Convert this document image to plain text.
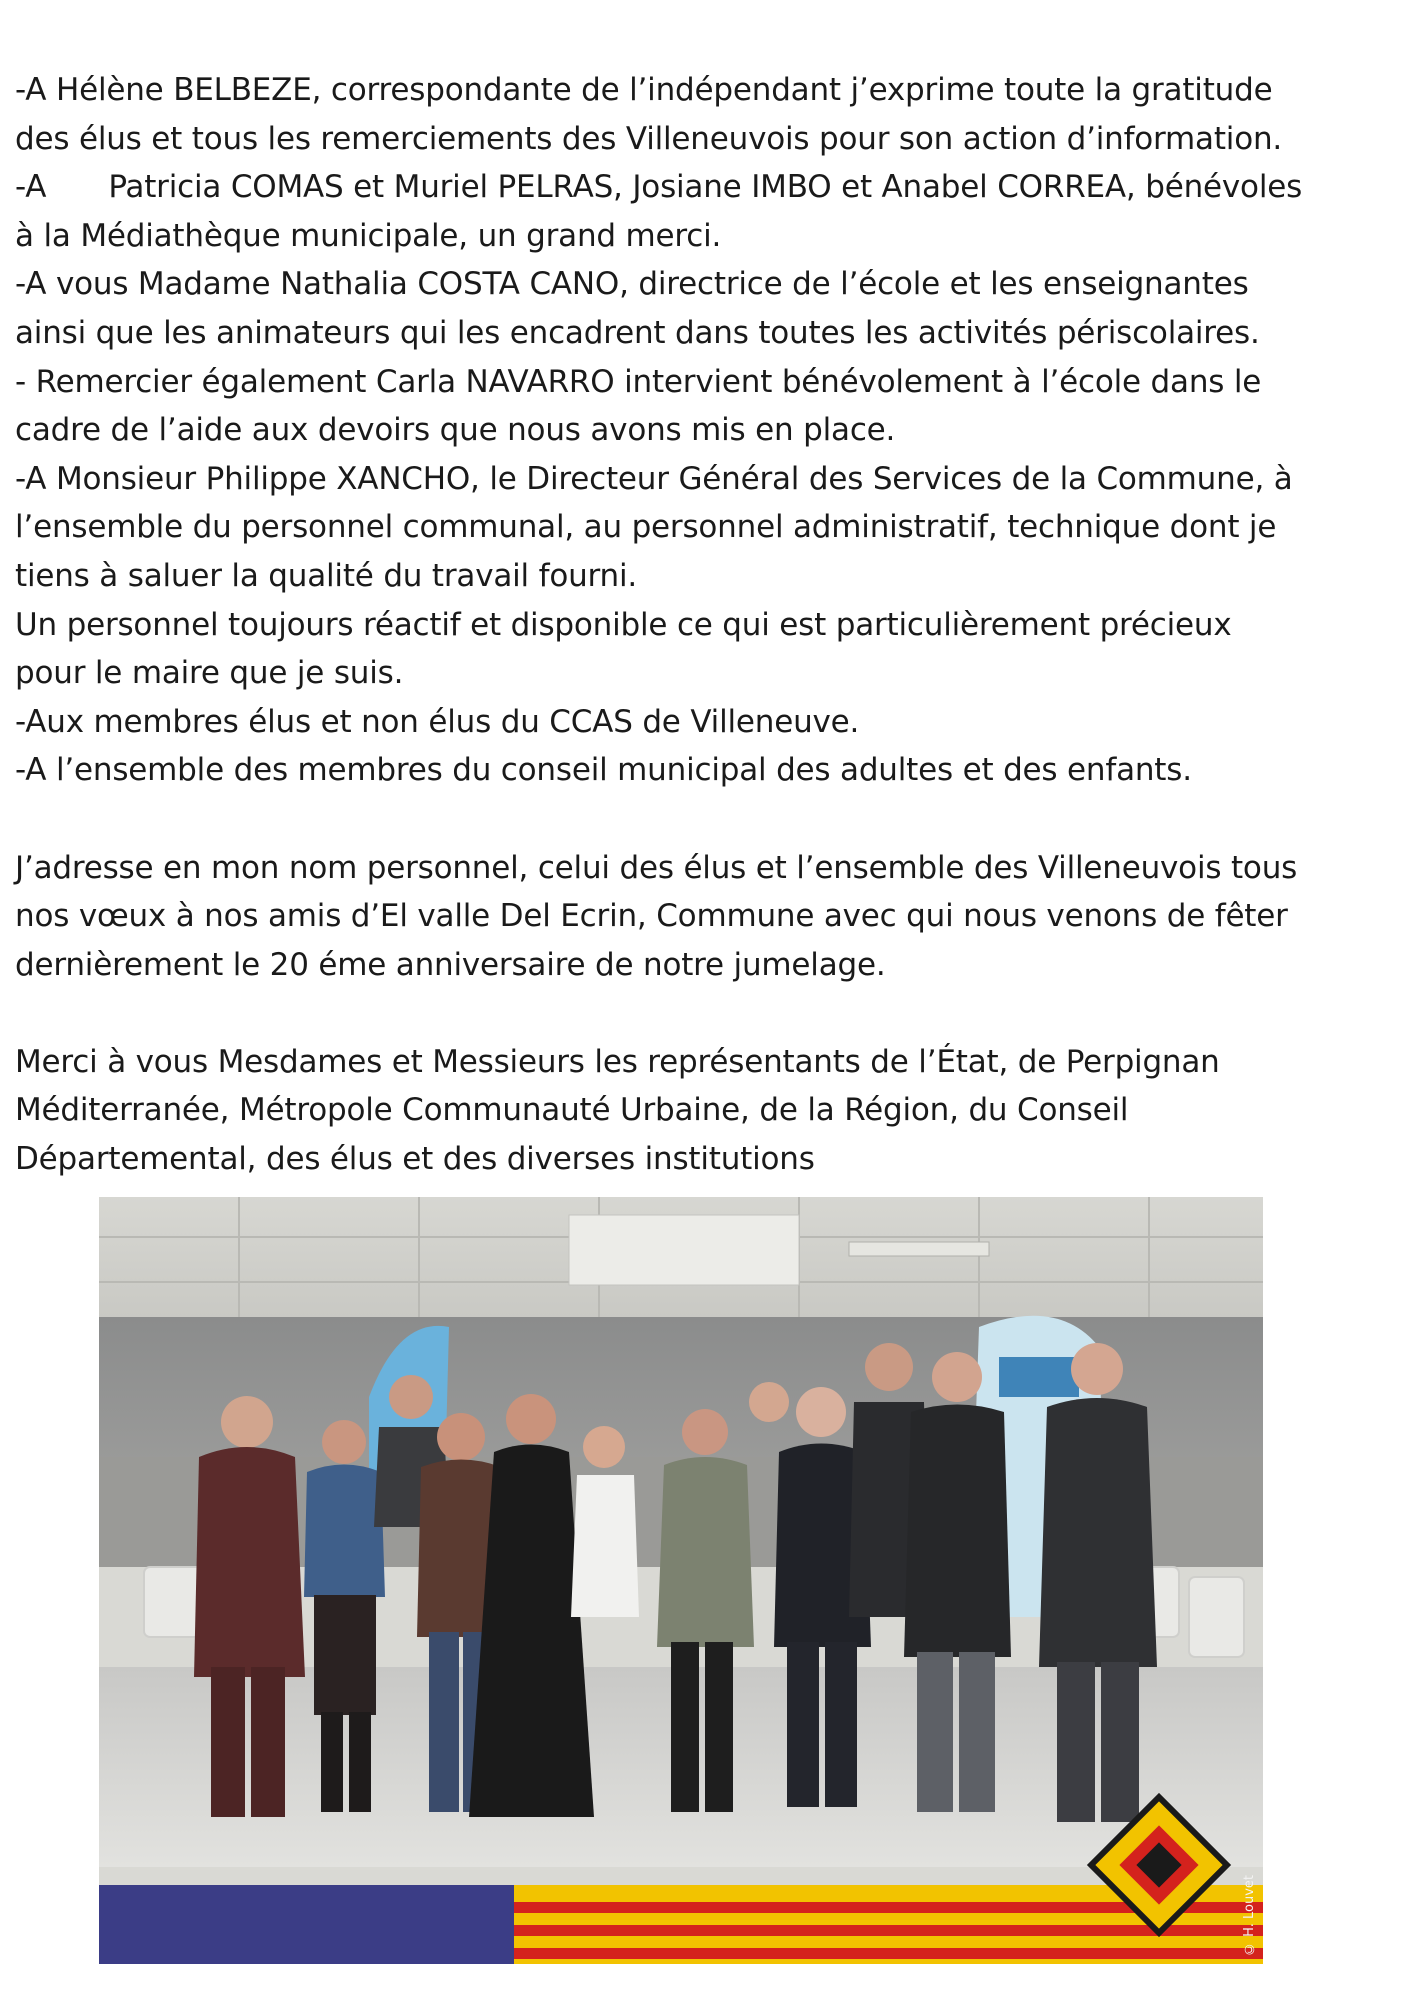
-A Hélène BELBEZE, correspondante de l’indépendant j’exprime toute la gratitude
des élus et tous les remerciements des Villeneuvois pour son action d’information.
-A Patricia COMAS et Muriel PELRAS, Josiane IMBO et Anabel CORREA, bénévoles
à la Médiathèque municipale, un grand merci.
-A vous Madame Nathalia COSTA CANO, directrice de l’école et les enseignantes
ainsi que les animateurs qui les encadrent dans toutes les activités périscolaires.
- Remercier également Carla NAVARRO intervient bénévolement à l’école dans le
cadre de l’aide aux devoirs que nous avons mis en place.
-A Monsieur Philippe XANCHO, le Directeur Général des Services de la Commune, à
l’ensemble du personnel communal, au personnel administratif, technique dont je
tiens à saluer la qualité du travail fourni.
Un personnel toujours réactif et disponible ce qui est particulièrement précieux
pour le maire que je suis.
-Aux membres élus et non élus du CCAS de Villeneuve.
-A l’ensemble des membres du conseil municipal des adultes et des enfants.
J’adresse en mon nom personnel, celui des élus et l’ensemble des Villeneuvois tous
nos vœux à nos amis d’El valle Del Ecrin, Commune avec qui nous venons de fêter
dernièrement le 20 éme anniversaire de notre jumelage.
Merci à vous Mesdames et Messieurs les représentants de l’État, de Perpignan
Méditerranée, Métropole Communauté Urbaine, de la Région, du Conseil
Départemental, des élus et des diverses institutions
© H. Louvet
